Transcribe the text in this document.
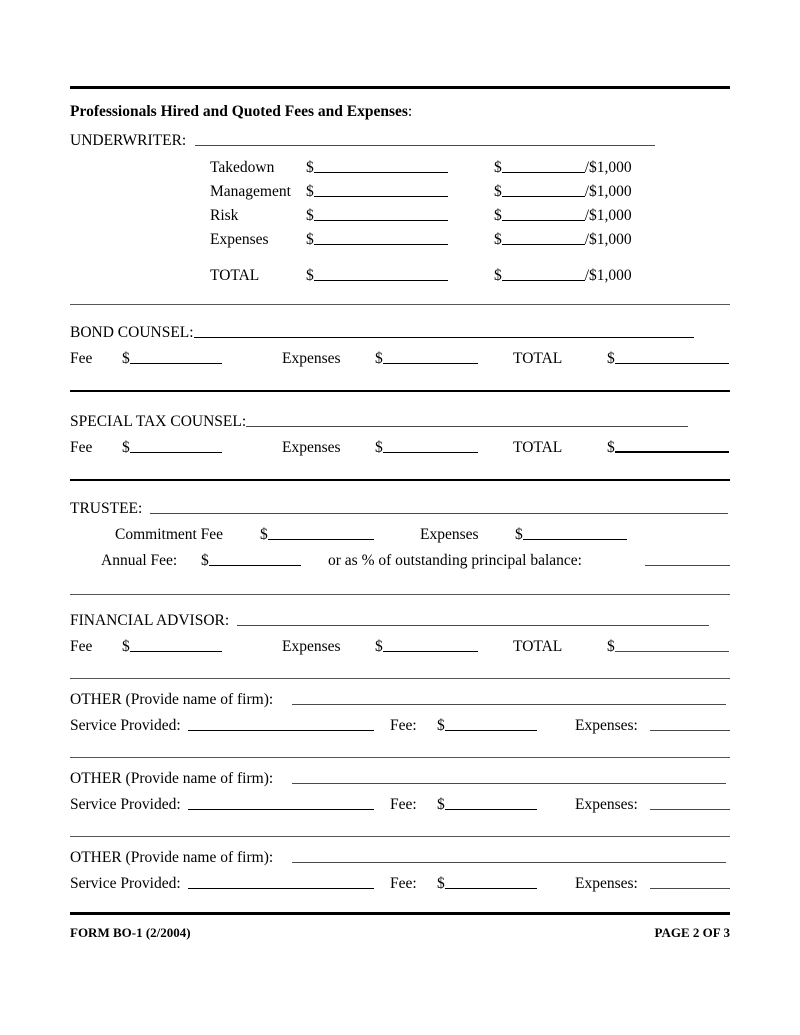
Professionals Hired and Quoted Fees and Expenses:
UNDERWRITER:
Takedown $	$	/$1,000
Management $	$	/$1,000
Risk	$	$	/$1,000
Expenses $	$	/$1,000
TOTAL	$	$	/$1,000
BOND COUNSEL:
Fee $	Expenses $	TOTAL	$
SPECIAL TAX COUNSEL:
Fee $	Expenses $	TOTAL	$
TRUSTEE:
Commitment Fee $	Expenses $
Annual Fee: $	or as % of outstanding principal balance:
FINANCIAL ADVISOR:
Fee $	Expenses $	TOTAL	$
OTHER (Provide name of firm):
Service Provided:	Fee: $	Expenses:
OTHER (Provide name of firm):
Service Provided:	Fee: $	Expenses:
OTHER (Provide name of firm):
Service Provided:	Fee: $	Expenses:
FORM BO-1 (2/2004)	PAGE 2 OF 3
